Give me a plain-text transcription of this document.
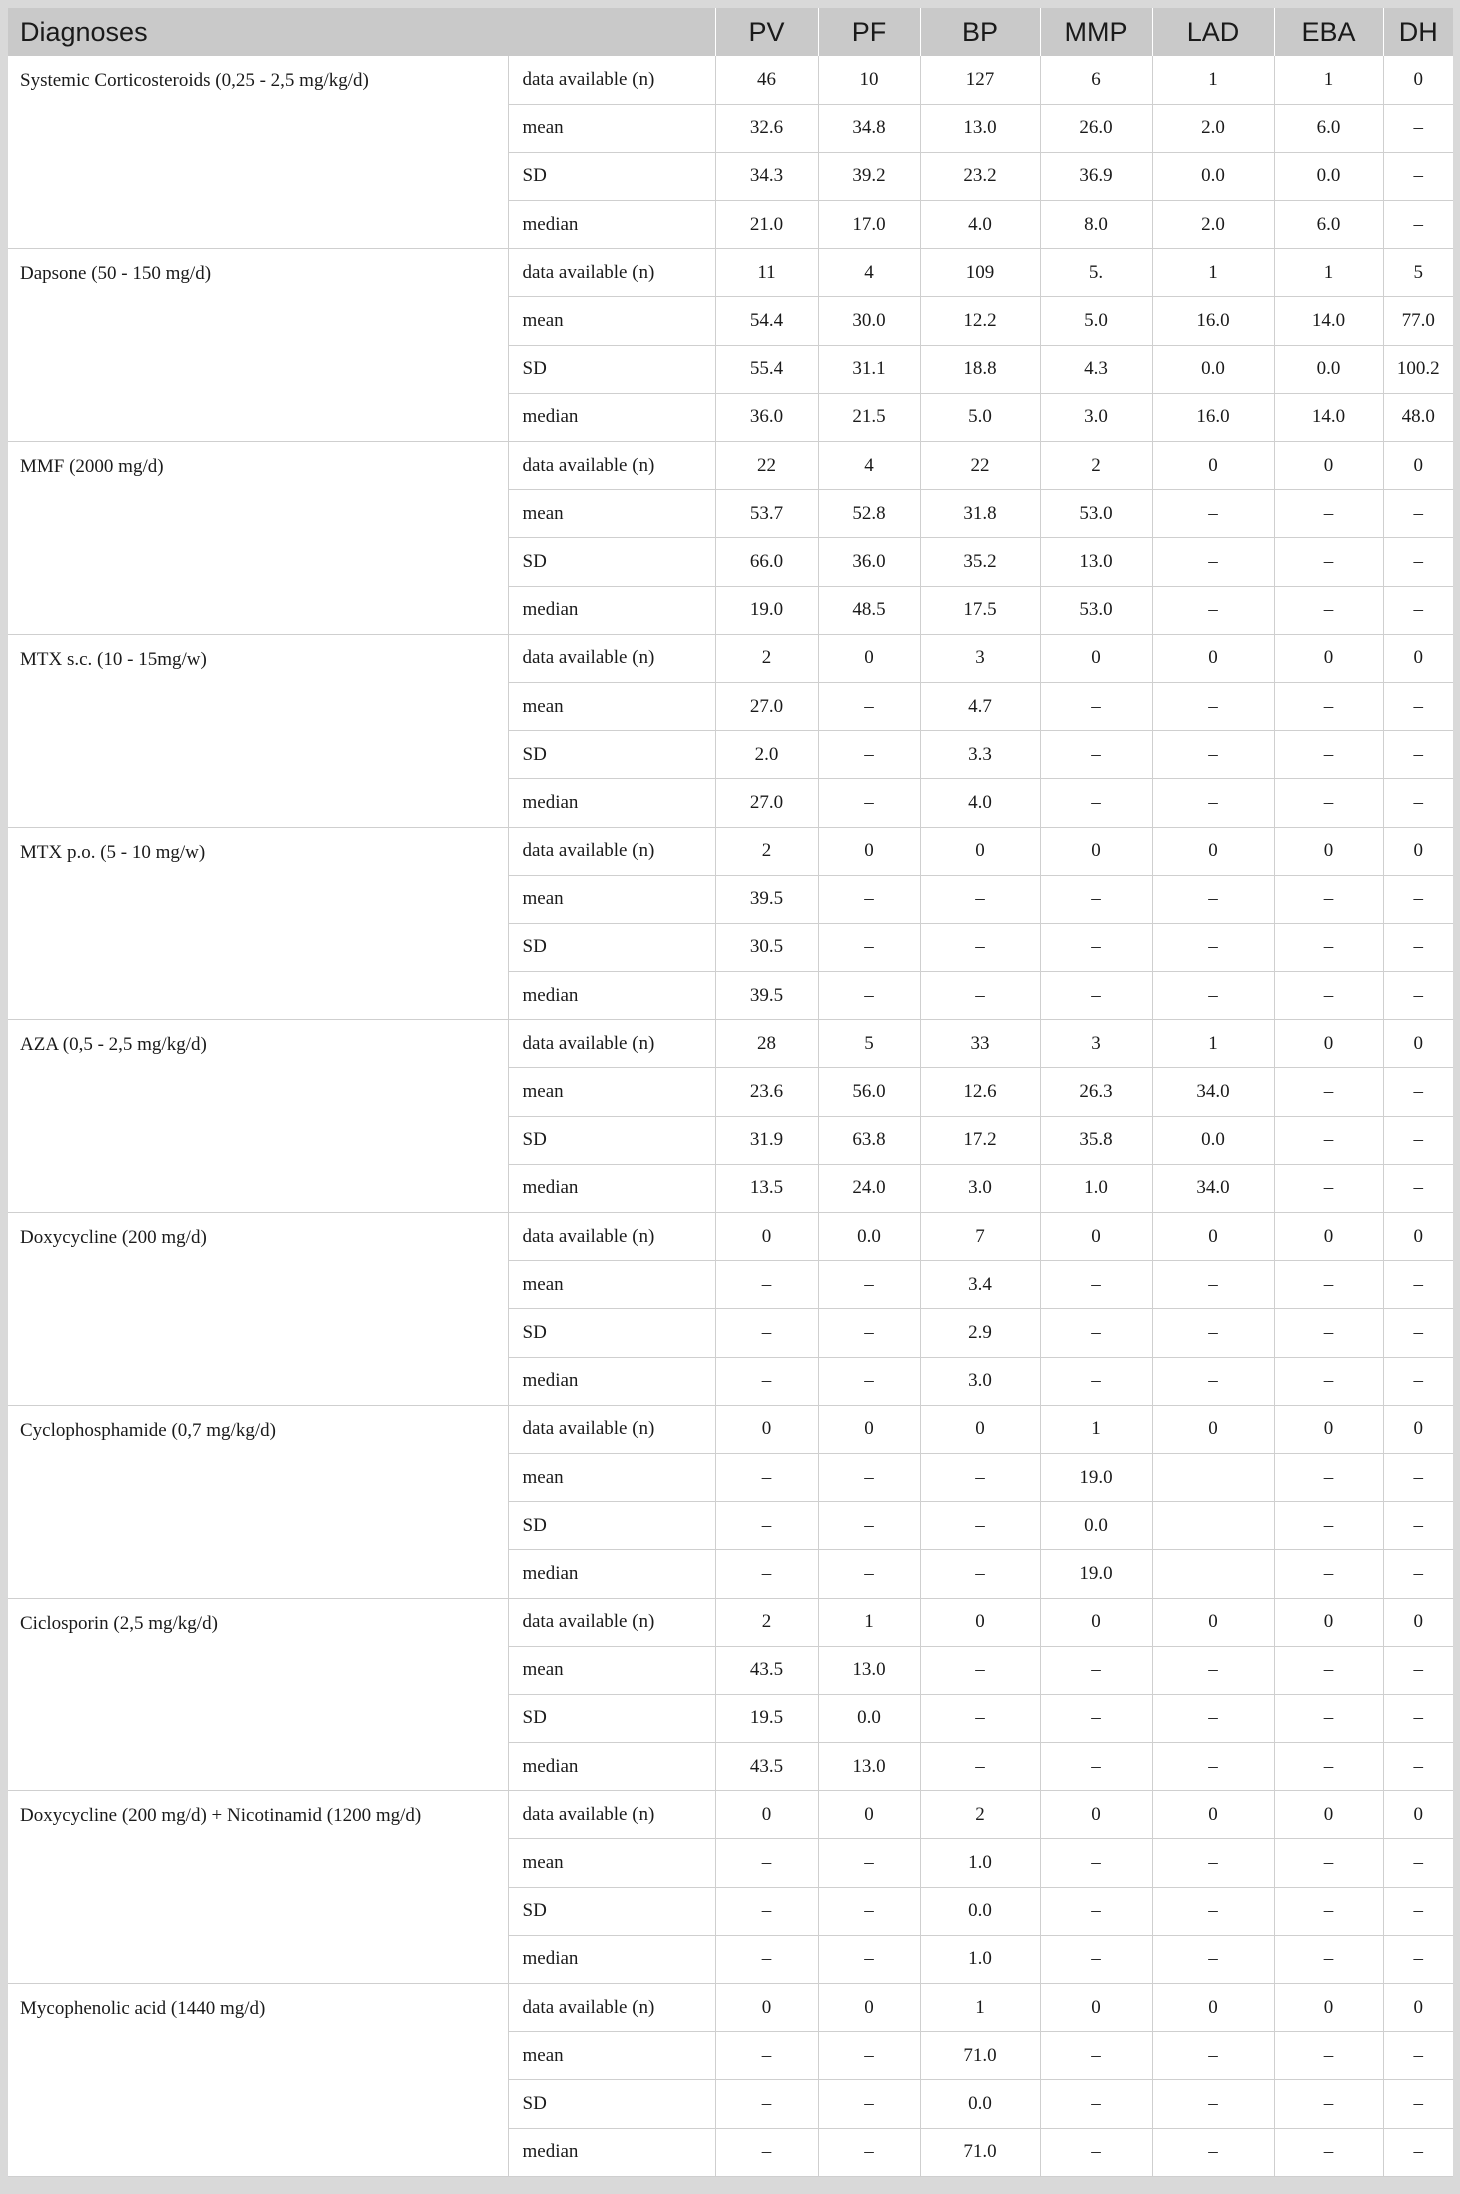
Diagnoses		PV	PF	BP	MMP	LAD	EBA	DH
Systemic Corticosteroids (0,25 - 2,5 mg/kg/d)	data available (n)	46	10	127	6	1	1	0
	mean	32.6	34.8	13.0	26.0	2.0	6.0	–
	SD	34.3	39.2	23.2	36.9	0.0	0.0	–
	median	21.0	17.0	4.0	8.0	2.0	6.0	–
Dapsone (50 - 150 mg/d)	data available (n)	11	4	109	5.	1	1	5
	mean	54.4	30.0	12.2	5.0	16.0	14.0	77.0
	SD	55.4	31.1	18.8	4.3	0.0	0.0	100.2
	median	36.0	21.5	5.0	3.0	16.0	14.0	48.0
MMF (2000 mg/d)	data available (n)	22	4	22	2	0	0	0
	mean	53.7	52.8	31.8	53.0	–	–	–
	SD	66.0	36.0	35.2	13.0	–	–	–
	median	19.0	48.5	17.5	53.0	–	–	–
MTX s.c. (10 - 15mg/w)	data available (n)	2	0	3	0	0	0	0
	mean	27.0	–	4.7	–	–	–	–
	SD	2.0	–	3.3	–	–	–	–
	median	27.0	–	4.0	–	–	–	–
MTX p.o. (5 - 10 mg/w)	data available (n)	2	0	0	0	0	0	0
	mean	39.5	–	–	–	–	–	–
	SD	30.5	–	–	–	–	–	–
	median	39.5	–	–	–	–	–	–
AZA (0,5 - 2,5 mg/kg/d)	data available (n)	28	5	33	3	1	0	0
	mean	23.6	56.0	12.6	26.3	34.0	–	–
	SD	31.9	63.8	17.2	35.8	0.0	–	–
	median	13.5	24.0	3.0	1.0	34.0	–	–
Doxycycline (200 mg/d)	data available (n)	0	0.0	7	0	0	0	0
	mean	–	–	3.4	–	–	–	–
	SD	–	–	2.9	–	–	–	–
	median	–	–	3.0	–	–	–	–
Cyclophosphamide (0,7 mg/kg/d)	data available (n)	0	0	0	1	0	0	0
	mean	–	–	–	19.0		–	–
	SD	–	–	–	0.0		–	–
	median	–	–	–	19.0		–	–
Ciclosporin (2,5 mg/kg/d)	data available (n)	2	1	0	0	0	0	0
	mean	43.5	13.0	–	–	–	–	–
	SD	19.5	0.0	–	–	–	–	–
	median	43.5	13.0	–	–	–	–	–
Doxycycline (200 mg/d) + Nicotinamid (1200 mg/d)	data available (n)	0	0	2	0	0	0	0
	mean	–	–	1.0	–	–	–	–
	SD	–	–	0.0	–	–	–	–
	median	–	–	1.0	–	–	–	–
Mycophenolic acid (1440 mg/d)	data available (n)	0	0	1	0	0	0	0
	mean	–	–	71.0	–	–	–	–
	SD	–	–	0.0	–	–	–	–
	median	–	–	71.0	–	–	–	–
